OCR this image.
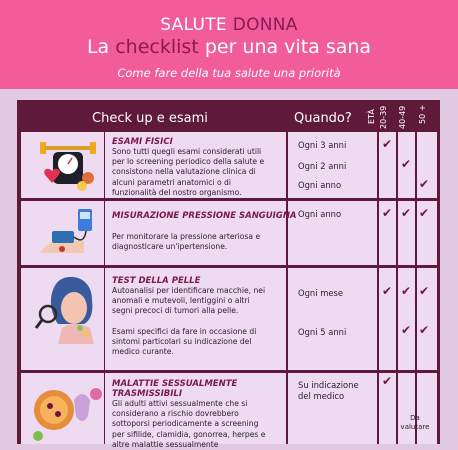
SALUTE DONNA
La checklist per una vita sana
Come fare della tua salute una priorità
Check up e esami	Quando? ETÀ 20-39 40-49 50 +
ESAMI FISICI
Sono tutti quegli esami considerati utili per lo screening periodico della salute e consistono nella valutazione clinica di alcuni parametri anatomici o di funzionalità del nostro organismo.
Ogni 3 anni
Ogni 2 anni
Ogni anno
✔
✔
✔
MISURAZIONE PRESSIONE SANGUIGNA
Per monitorare la pressione arteriosa e diagnosticare un'ipertensione.
Ogni anno	✔ ✔ ✔
TEST DELLA PELLE
Autoanalisi per identificare macchie, nei anomali e mutevoli, lentiggini o altri segni precoci di tumori alla pelle.
Esami specifici da fare in occasione di sintomi particolari su indicazione del medico curante.
Ogni mese
Ogni 5 anni
✔ ✔ ✔
✔ ✔
MALATTIE SESSUALMENTE TRASMISSIBILI
Gli adulti attivi sessualmente che si considerano a rischio dovrebbero sottoporsi periodicamente a screening per sifilide, clamidia, gonorrea, herpes e altre malattie sessualmente
Su indicazione del medico
✔
Da valutare
